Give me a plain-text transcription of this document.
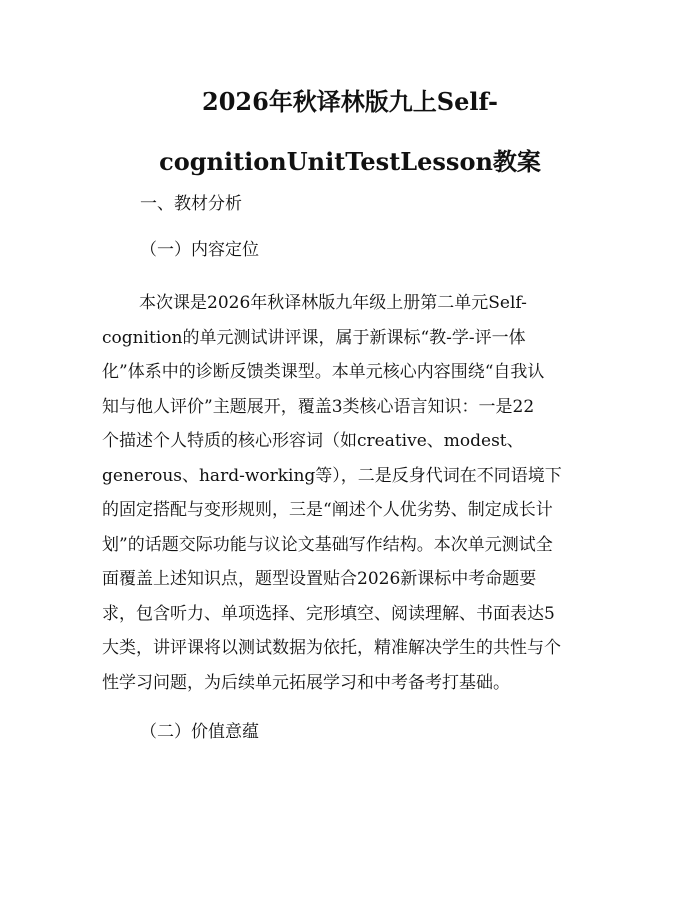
2026年秋译林版九上Self-
cognitionUnitTestLesson教案
一、教材分析
（一）内容定位
本次课是2026年秋译林版九年级上册第二单元Self-
cognition的单元测试讲评课，属于新课标“教-学-评一体
化”体系中的诊断反馈类课型。本单元核心内容围绕“自我认
知与他人评价”主题展开，覆盖3类核心语言知识：一是22
个描述个人特质的核心形容词（如creative、modest、
generous、hard-working等），二是反身代词在不同语境下
的固定搭配与变形规则，三是“阐述个人优劣势、制定成长计
划”的话题交际功能与议论文基础写作结构。本次单元测试全
面覆盖上述知识点，题型设置贴合2026新课标中考命题要
求，包含听力、单项选择、完形填空、阅读理解、书面表达5
大类，讲评课将以测试数据为依托，精准解决学生的共性与个
性学习问题，为后续单元拓展学习和中考备考打基础。
（二）价值意蕴
